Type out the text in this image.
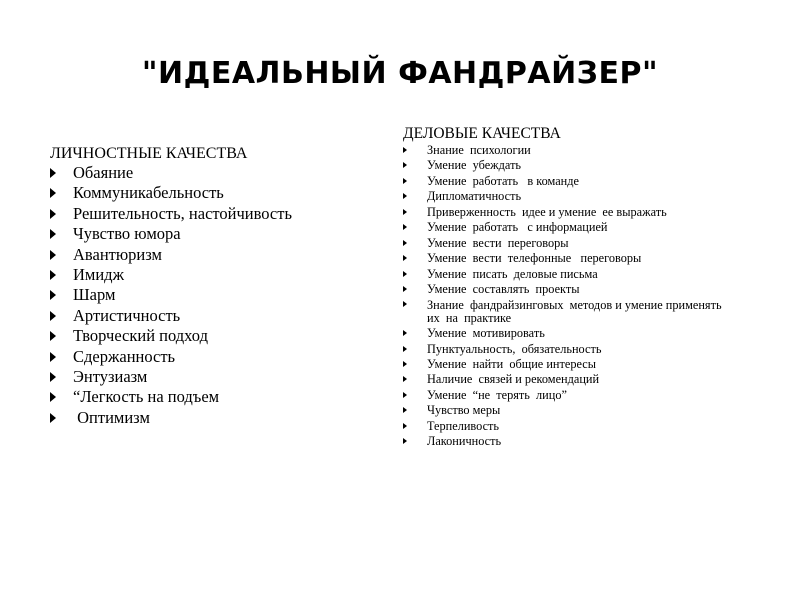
"ИДЕАЛЬНЫЙ ФАНДРАЙЗЕР"
ЛИЧНОСТНЫЕ КАЧЕСТВА
Обаяние
Коммуникабельность
Решительность, настойчивость
Чувство юмора
Авантюризм
Имидж
Шарм
Артистичность
Творческий подход
Сдержанность
Энтузиазм
“Легкость на подъем
Оптимизм
ДЕЛОВЫЕ КАЧЕСТВА
Знание  психологии
Умение  убеждать
Умение  работать   в команде
Дипломатичность
Приверженность  идее и умение  ее выражать
Умение  работать   с информацией
Умение  вести  переговоры
Умение  вести  телефонные   переговоры
Умение  писать  деловые письма
Умение  составлять  проекты
Знание  фандрайзинговых  методов и умение применять  их  на  практике
Умение  мотивировать
Пунктуальность,  обязательность
Умение  найти  общие интересы
Наличие  связей и рекомендаций
Умение  “не  терять  лицо”
Чувство меры
Терпеливость
Лаконичность
